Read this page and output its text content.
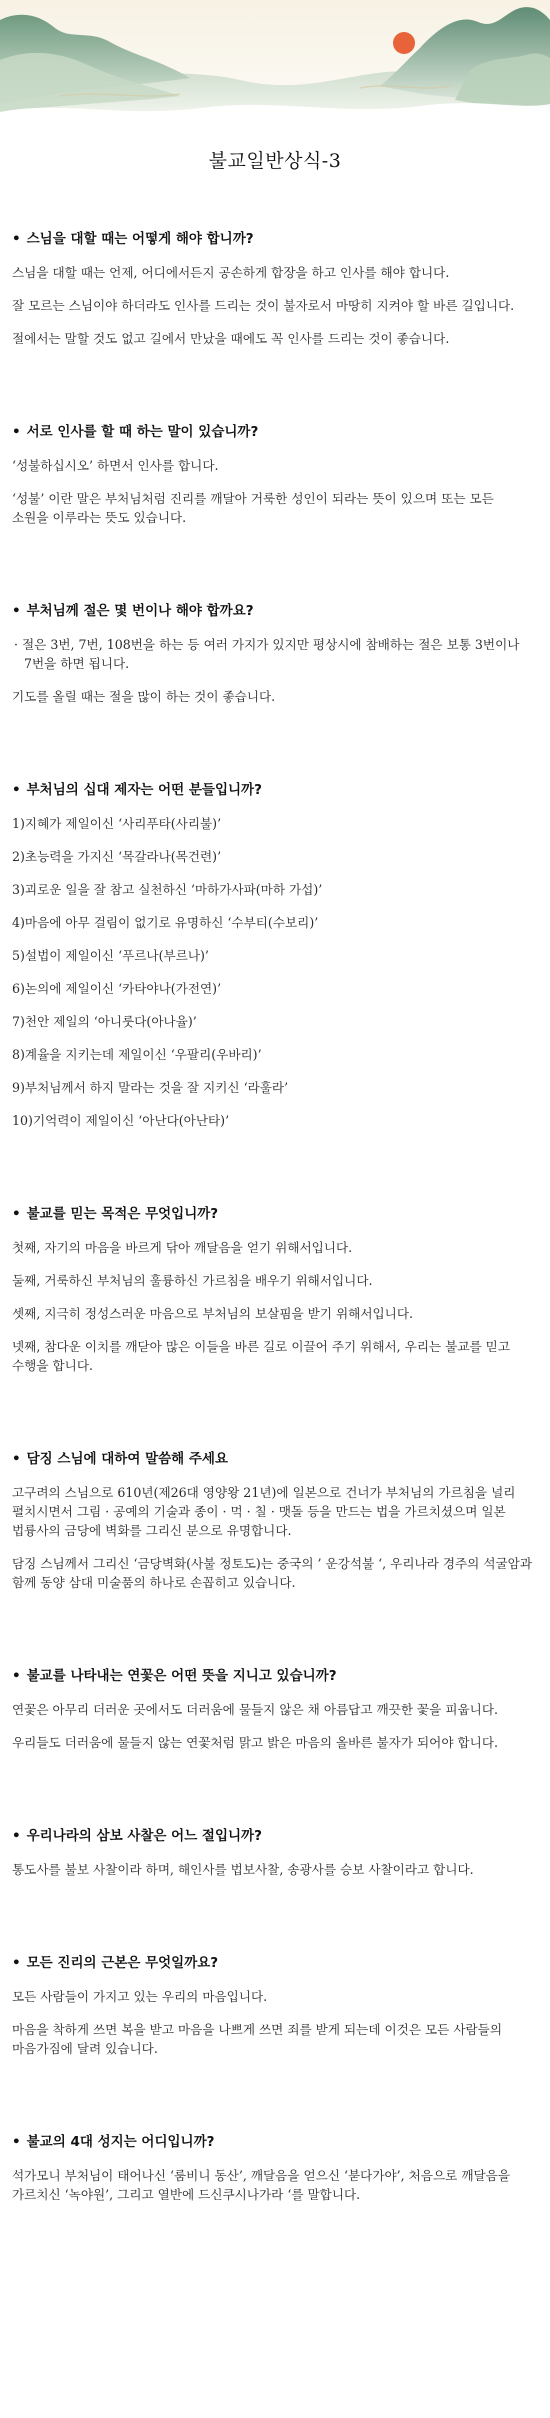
불교일반상식-3
• 스님을 대할 때는 어떻게 해야 합니까?
스님을 대할 때는 언제, 어디에서든지 공손하게 합장을 하고 인사를 해야 합니다.
잘 모르는 스님이야 하더라도 인사를 드리는 것이 불자로서 마땅히 지켜야 할 바른 길입니다.
절에서는 말할 것도 없고 길에서 만났을 때에도 꼭 인사를 드리는 것이 좋습니다.
• 서로 인사를 할 때 하는 말이 있습니까?
‘성불하십시오’ 하면서 인사를 합니다.
‘성불’ 이란 말은 부처님처럼 진리를 깨달아 거룩한 성인이 되라는 뜻이 있으며 또는 모든 소원을 이루라는 뜻도 있습니다.
• 부처님께 절은 몇 번이나 해야 합까요?
· 절은 3번, 7번, 108번을 하는 등 여러 가지가 있지만 평상시에 참배하는 절은 보통 3번이나 7번을 하면 됩니다.
기도를 올릴 때는 절을 많이 하는 것이 좋습니다.
• 부처님의 십대 제자는 어떤 분들입니까?
1)지혜가 제일이신 ‘사리푸타(사리불)’
2)초능력을 가지신 ‘목갈라나(목건련)’
3)괴로운 일을 잘 참고 실천하신 ‘마하가사파(마하 가섭)’
4)마음에 아무 걸림이 없기로 유명하신 ‘수부티(수보리)’
5)설법이 제일이신 ‘푸르나(부르나)’
6)논의에 제일이신 ‘카타야나(가전연)’
7)천안 제일의 ‘아니룻다(아나율)’
8)계율을 지키는데 제일이신 ‘우팔리(우바리)’
9)부처님께서 하지 말라는 것을 잘 지키신 ‘라훌라’
10)기억력이 제일이신 ‘아난다(아난타)’
• 불교를 믿는 목적은 무엇입니까?
첫째, 자기의 마음을 바르게 닦아 깨달음을 얻기 위해서입니다.
둘째, 거룩하신 부처님의 훌륭하신 가르침을 배우기 위해서입니다.
셋째, 지극히 정성스러운 마음으로 부처님의 보살핌을 받기 위해서입니다.
넷째, 참다운 이치를 깨닫아 많은 이들을 바른 길로 이끌어 주기 위해서, 우리는 불교를 믿고 수행을 합니다.
• 담징 스님에 대하여 말씀해 주세요
고구려의 스님으로 610년(제26대 영양왕 21년)에 일본으로 건너가 부처님의 가르침을 널리 펼치시면서 그림 · 공예의 기술과 종이 · 먹 · 칠 · 맷돌 등을 만드는 법을 가르치셨으며 일본 법륭사의 금당에 벽화를 그리신 분으로 유명합니다.
담징 스님께서 그리신 ‘금당벽화(사불 정토도)는 중국의 ’ 운강석불 ‘, 우리나라 경주의 석굴암과 함께 동양 삼대 미술품의 하나로 손꼽히고 있습니다.
• 불교를 나타내는 연꽃은 어떤 뜻을 지니고 있습니까?
연꽃은 아무리 더러운 곳에서도 더러움에 물들지 않은 채 아름답고 깨끗한 꽃을 피웁니다.
우리들도 더러움에 물들지 않는 연꽃처럼 맑고 밝은 마음의 올바른 불자가 되어야 합니다.
• 우리나라의 삼보 사찰은 어느 절입니까?
통도사를 불보 사찰이라 하며, 해인사를 법보사찰, 송광사를 승보 사찰이라고 합니다.
• 모든 진리의 근본은 무엇일까요?
모든 사람들이 가지고 있는 우리의 마음입니다.
마음을 착하게 쓰면 복을 받고 마음을 나쁘게 쓰면 죄를 받게 되는데 이것은 모든 사람들의 마음가짐에 달려 있습니다.
• 불교의 4대 성지는 어디입니까?
석가모니 부처님이 태어나신 ‘룸비니 동산’, 깨달음을 얻으신 ‘붇다가야’, 처음으로 깨달음을 가르치신 ‘녹야원’, 그리고 열반에 드신쿠시나가라 ‘를 말합니다.
